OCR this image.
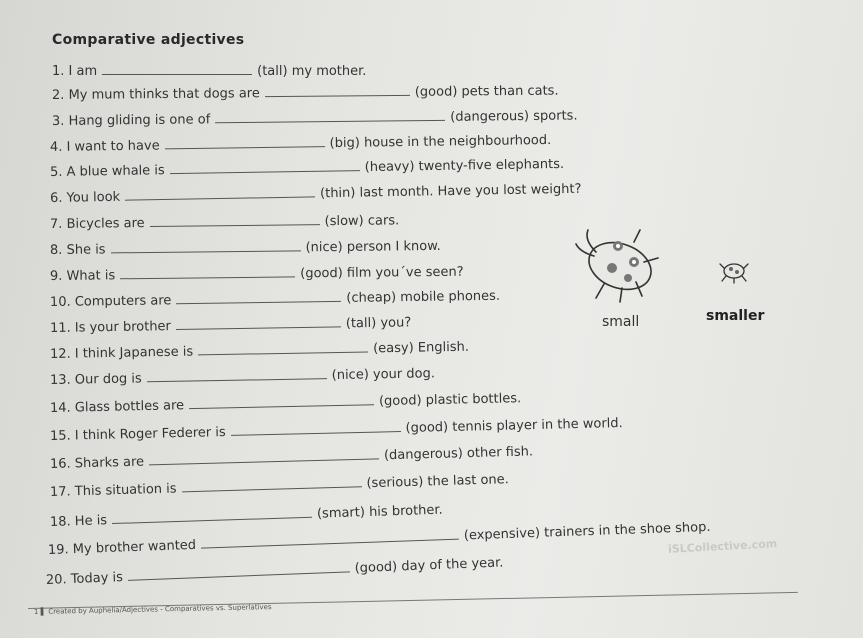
Comparative adjectives
1. I am	(tall) my mother.
2. My mum thinks that dogs are	(good) pets than cats.
3. Hang gliding is one of	(dangerous) sports.
4. I want to have	(big) house in the neighbourhood.
5. A blue whale is	(heavy) twenty-five elephants.
6. You look	(thin) last month. Have you lost weight?
7. Bicycles are	(slow) cars.
8. She is	(nice) person I know.
9. What is	(good) film you´ve seen?
10. Computers are	(cheap) mobile phones.
11. Is your brother	(tall) you?
12. I think Japanese is	(easy) English.
13. Our dog is	(nice) your dog.
14. Glass bottles are	(good) plastic bottles.
15. I think Roger Federer is	(good) tennis player in the world.
16. Sharks are(dangerous) other fish.
17. This situation is	(serious) the last one.
18. He is	(smart) his brother.
19. My brother wanted(expensive) trainers in the shoe shop.
20. Today is(good) day of the year.
small	smaller
iSLCollective.com
1 ▌ Created by Auphelia/Adjectives - Comparatives vs. Superlatives
